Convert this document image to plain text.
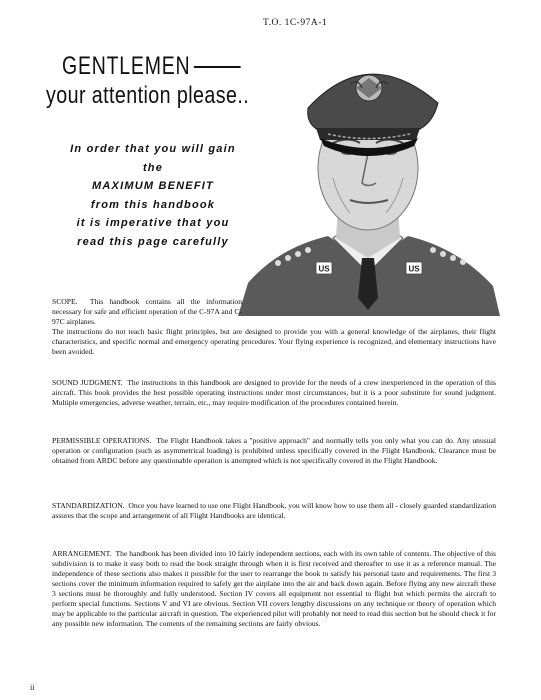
T.O. 1C-97A-1
GENTLEMEN
your attention please..
In order that you will gain
the
MAXIMUM BENEFIT
from this handbook
it is imperative that you
read this page carefully
US	US
SCOPE. This handbook contains all the information necessary for safe and efficient operation of the C-97A and C-97C airplanes.
The instructions do not teach basic flight principles, but are designed to provide you with a general knowledge of the airplanes, their flight characteristics, and specific normal and emergency operating procedures. Your flying experience is recognized, and elementary instructions have been avoided.
SOUND JUDGMENT. The instructions in this handbook are designed to provide for the needs of a crew inexperienced in the operation of this aircraft. This book provides the best possible operating instructions under most circumstances, but it is a poor substitute for sound judgment. Multiple emergencies, adverse weather, terrain, etc., may require modification of the procedures contained herein.
PERMISSIBLE OPERATIONS. The Flight Handbook takes a "positive approach" and normally tells you only what you can do. Any unusual operation or configuration (such as asymmetrical loading) is prohibited unless specifically covered in the Flight Handbook. Clearance must be obtained from ARDC before any questionable operation is attempted which is not specifically covered in the Flight Handbook.
STANDARDIZATION. Once you have learned to use one Flight Handbook, you will know how to use them all - closely guarded standardization assures that the scope and arrangement of all Flight Handbooks are identical.
ARRANGEMENT. The handbook has been divided into 10 fairly independent sections, each with its own table of contents. The objective of this subdivision is to make it easy both to read the book straight through when it is first received and thereafter to use it as a reference manual. The independence of these sections also makes it possible for the user to rearrange the book to satisfy his personal taste and requirements. The first 3 sections cover the minimum information required to safely get the airplane into the air and back down again. Before flying any new aircraft these 3 sections must be thoroughly and fully understood. Section IV covers all equipment not essential to flight but which permits the aircraft to perform special functions. Sections V and VI are obvious. Section VII covers lengthy discussions on any technique or theory of operation which may be applicable to the particular aircraft in question. The experienced pilot will probably not need to read this section but he should check it for any possible new information. The contents of the remaining sections are fairly obvious.
ii
